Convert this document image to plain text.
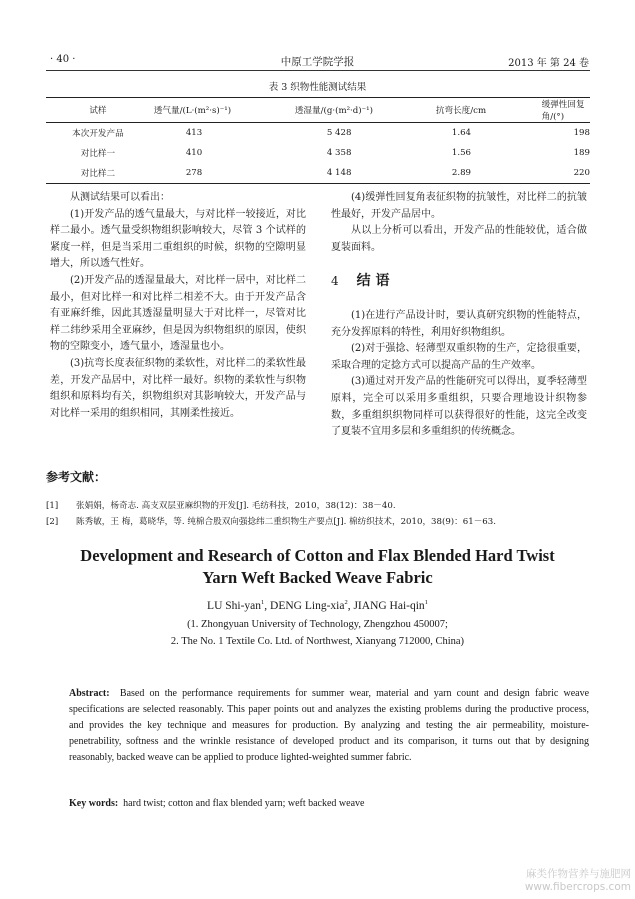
· 40 ·	中原工学院学报	2013 年 第 24 卷
表 3 织物性能测试结果
试样	透气量/(L·(m²·s)⁻¹)	透湿量/(g·(m²·d)⁻¹)	抗弯长度/cm	缓弹性回复角/(°)
本次开发产品	413	5 428	1.64	198
对比样一	410	4 358	1.56	189
对比样二	278	4 148	2.89	220

从测试结果可以看出：

(1)开发产品的透气量最大，与对比样一较接近，对比样二最小。透气量受织物组织影响较大，尽管 3 个试样的紧度一样，但是当采用二重组织的时候，织物的空隙明显增大，所以透气性好。

(2)开发产品的透湿量最大，对比样一居中，对比样二最小，但对比样一和对比样二相差不大。由于开发产品含有亚麻纤维，因此其透湿量明显大于对比样一，尽管对比样二纬纱采用全亚麻纱，但是因为织物组织的原因，使织物的空隙变小，透气量小，透湿量也小。

(3)抗弯长度表征织物的柔软性，对比样二的柔软性最差，开发产品居中，对比样一最好。织物的柔软性与织物组织和原料均有关，织物组织对其影响较大，开发产品与对比样一采用的组织相同，其刚柔性接近。

(4)缓弹性回复角表征织物的抗皱性，对比样二的抗皱性最好，开发产品居中。

从以上分析可以看出，开发产品的性能较优，适合做夏装面料。

4 结 语

(1)在进行产品设计时，要认真研究织物的性能特点，充分发挥原料的特性，利用好织物组织。

(2)对于强捻、轻薄型双重织物的生产，定捻很重要，采取合理的定捻方式可以提高产品的生产效率。

(3)通过对开发产品的性能研究可以得出，夏季轻薄型原料，完全可以采用多重组织，只要合理地设计织物参数，多重组织织物同样可以获得很好的性能，这完全改变了夏装不宜用多层和多重组织的传统概念。

参考文献：
[1] 张娟娟，杨奇志. 高支双层亚麻织物的开发[J]. 毛纺科技，2010，38(12)：38－40.
[2] 陈秀敏，王 梅，葛晓华，等. 纯棉合股双向强捻纬二重织物生产要点[J]. 棉纺织技术，2010，38(9)：61－63.
Development and Research of Cotton and Flax Blended Hard Twist
Yarn Weft Backed Weave Fabric
LU Shi-yan$^1$, DENG Ling-xia$^2$, JIANG Hai-qin$^1$
(1. Zhongyuan University of Technology, Zhengzhou 450007;
2. The No. 1 Textile Co. Ltd. of Northwest, Xianyang 712000, China)
Abstract: Based on the performance requirements for summer wear, material and yarn count and design fabric weave specifications are selected reasonably. This paper points out and analyzes the existing problems during the productive process, and provides the key technique and measures for production. By analyzing and testing the air permeability, moisture-penetrability, softness and the wrinkle resistance of developed product and its comparison, it turns out that by designing reasonably, backed weave can be applied to produce lighted-weighted summer fabric.
Key words: hard twist; cotton and flax blended yarn; weft backed weave
麻类作物营养与施肥网
www.fibercrops.com
